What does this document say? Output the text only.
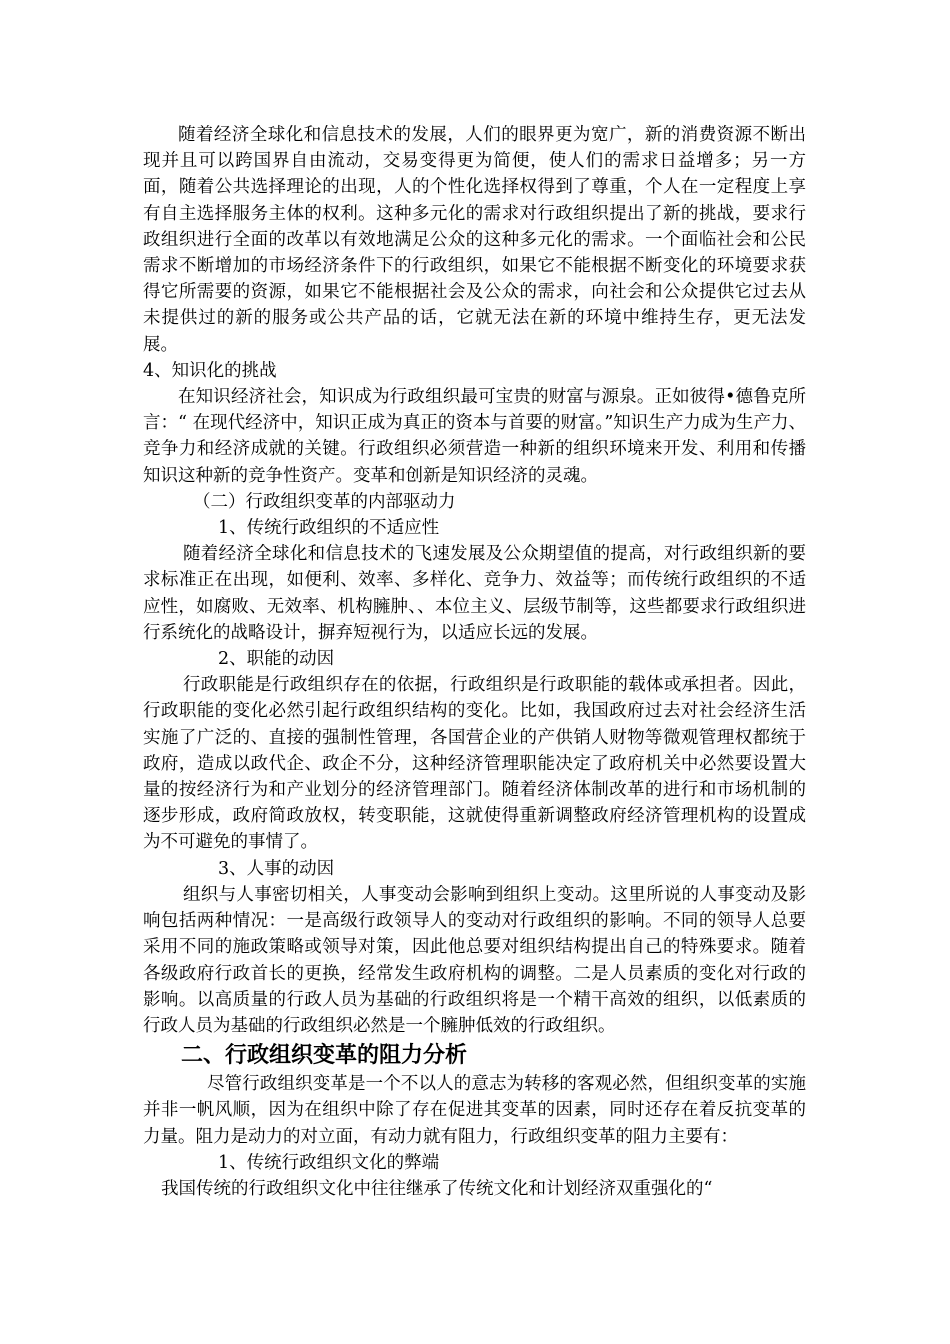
随着经济全球化和信息技术的发展，人们的眼界更为宽广，新的消费资源不断出现并且可以跨国界自由流动，交易变得更为简便，使人们的需求日益增多；另一方面，随着公共选择理论的出现，人的个性化选择权得到了尊重，个人在一定程度上享有自主选择服务主体的权利。这种多元化的需求对行政组织提出了新的挑战，要求行政组织进行全面的改革以有效地满足公众的这种多元化的需求。一个面临社会和公民需求不断增加的市场经济条件下的行政组织，如果它不能根据不断变化的环境要求获得它所需要的资源，如果它不能根据社会及公众的需求，向社会和公众提供它过去从未提供过的新的服务或公共产品的话，它就无法在新的环境中维持生存，更无法发展。

4、知识化的挑战

在知识经济社会，知识成为行政组织最可宝贵的财富与源泉。正如彼得•德鲁克所言：“ 在现代经济中，知识正成为真正的资本与首要的财富。”知识生产力成为生产力、竞争力和经济成就的关键。行政组织必须营造一种新的组织环境来开发、利用和传播知识这种新的竞争性资产。变革和创新是知识经济的灵魂。

（二）行政组织变革的内部驱动力

1、传统行政组织的不适应性

随着经济全球化和信息技术的飞速发展及公众期望值的提高，对行政组织新的要求标准正在出现，如便利、效率、多样化、竞争力、效益等；而传统行政组织的不适应性，如腐败、无效率、机构臃肿、、本位主义、层级节制等，这些都要求行政组织进行系统化的战略设计，摒弃短视行为，以适应长远的发展。

2、职能的动因

行政职能是行政组织存在的依据，行政组织是行政职能的载体或承担者。因此，行政职能的变化必然引起行政组织结构的变化。比如，我国政府过去对社会经济生活实施了广泛的、直接的强制性管理，各国营企业的产供销人财物等微观管理权都统于政府，造成以政代企、政企不分，这种经济管理职能决定了政府机关中必然要设置大量的按经济行为和产业划分的经济管理部门。随着经济体制改革的进行和市场机制的逐步形成，政府简政放权，转变职能，这就使得重新调整政府经济管理机构的设置成为不可避免的事情了。

3、人事的动因

组织与人事密切相关，人事变动会影响到组织上变动。这里所说的人事变动及影响包括两种情况：一是高级行政领导人的变动对行政组织的影响。不同的领导人总要采用不同的施政策略或领导对策，因此他总要对组织结构提出自己的特殊要求。随着各级政府行政首长的更换，经常发生政府机构的调整。二是人员素质的变化对行政的影响。以高质量的行政人员为基础的行政组织将是一个精干高效的组织，以低素质的行政人员为基础的行政组织必然是一个臃肿低效的行政组织。

二、行政组织变革的阻力分析

尽管行政组织变革是一个不以人的意志为转移的客观必然，但组织变革的实施并非一帆风顺，因为在组织中除了存在促进其变革的因素，同时还存在着反抗变革的力量。阻力是动力的对立面，有动力就有阻力，行政组织变革的阻力主要有：

1、传统行政组织文化的弊端

我国传统的行政组织文化中往往继承了传统文化和计划经济双重强化的“
